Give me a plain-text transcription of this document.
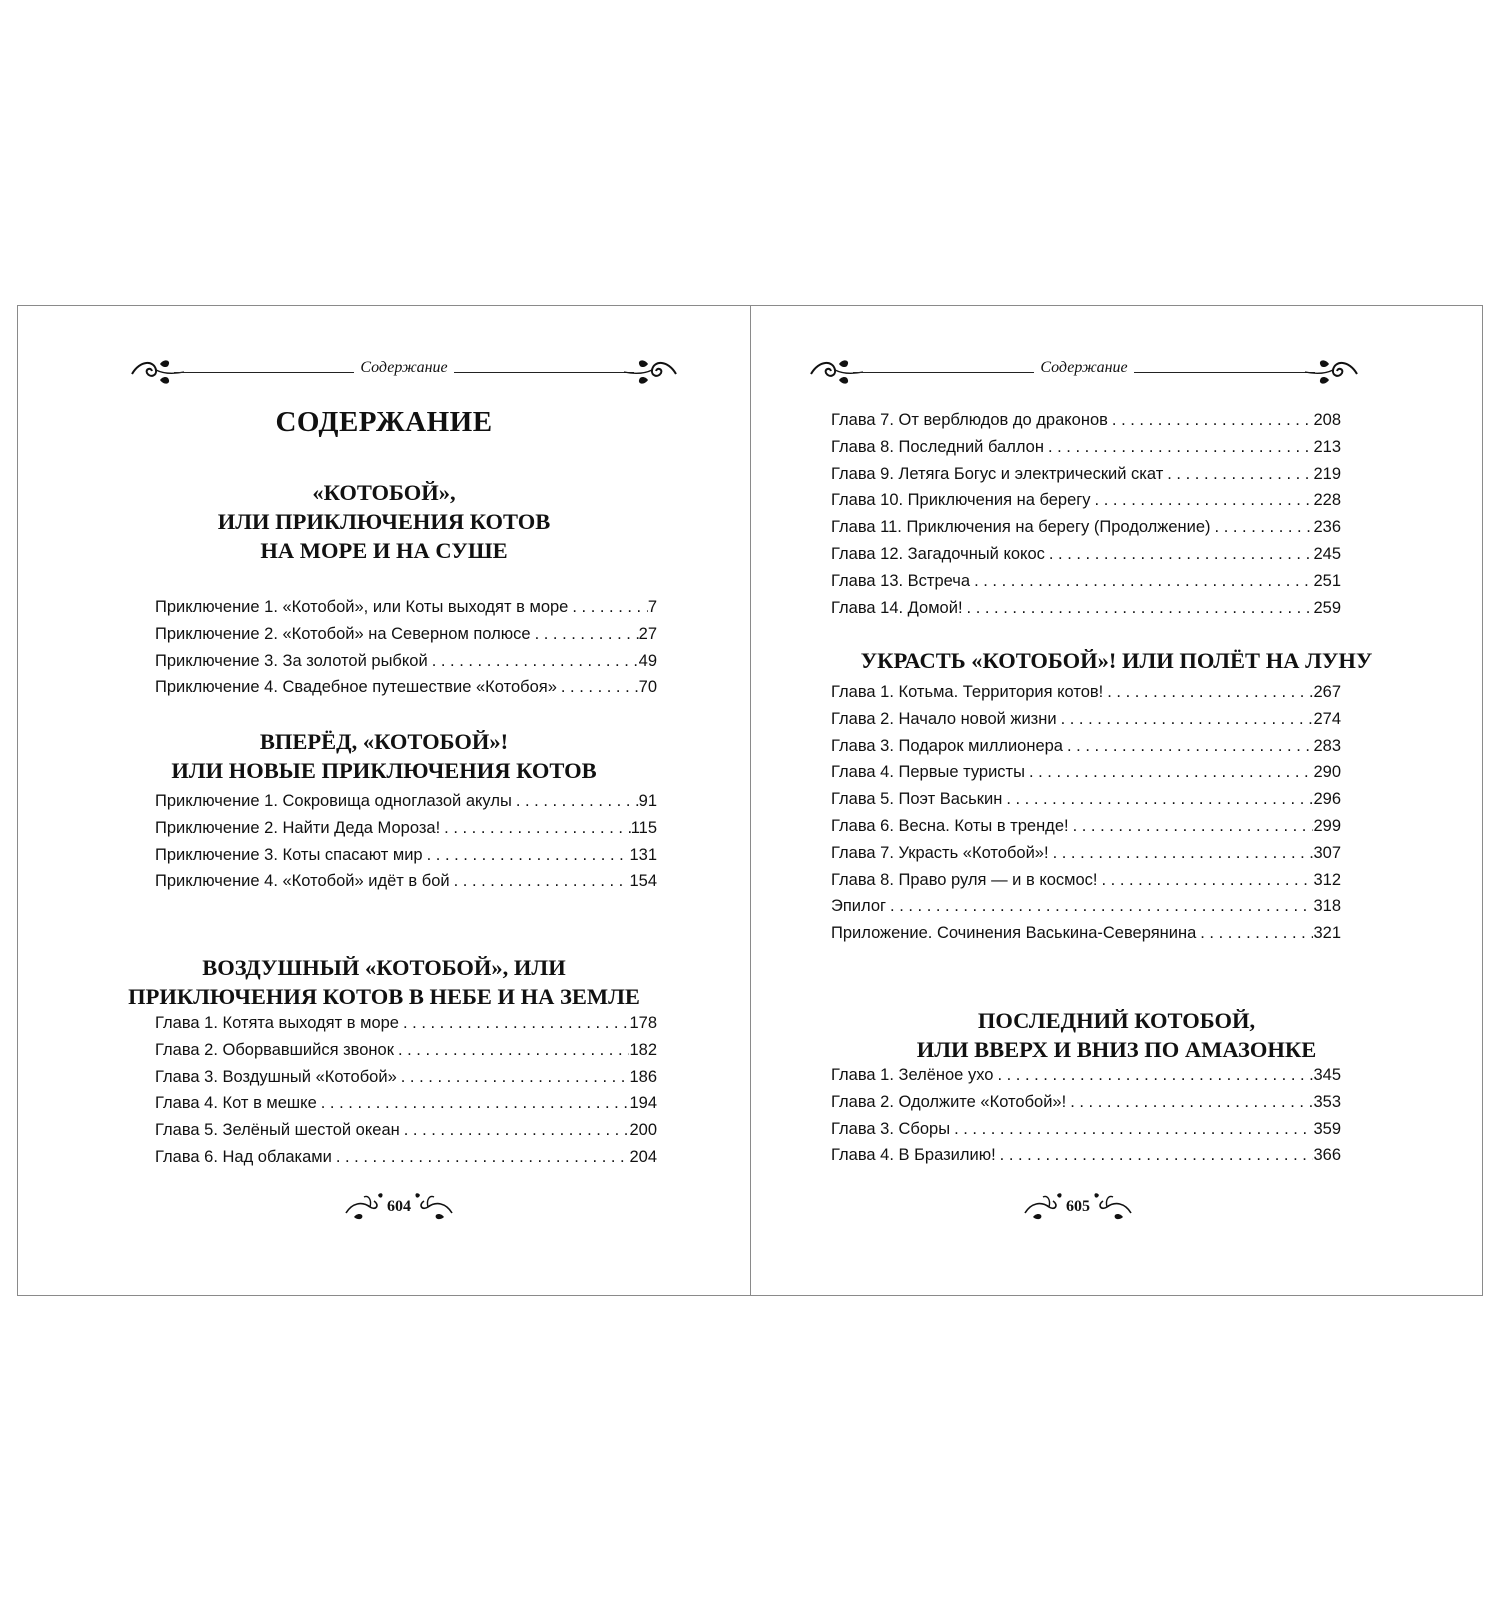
Содержание
СОДЕРЖАНИЕ
«КОТОБОЙ»,
ИЛИ ПРИКЛЮЧЕНИЯ КОТОВ
НА МОРЕ И НА СУШЕ
Приключение 1. «Котобой», или Коты выходят в море . . .	7
Приключение 2. «Котобой» на Северном полюсе . . .	27
Приключение 3. За золотой рыбкой . . .	49
Приключение 4. Свадебное путешествие «Котобоя» . . .	70
ВПЕРЁД, «КОТОБОЙ»!
ИЛИ НОВЫЕ ПРИКЛЮЧЕНИЯ КОТОВ
Приключение 1. Сокровища одноглазой акулы . . .	91
Приключение 2. Найти Деда Мороза! . . .	115
Приключение 3. Коты спасают мир . . .	131
Приключение 4. «Котобой» идёт в бой . . .	154
ВОЗДУШНЫЙ «КОТОБОЙ», ИЛИ
ПРИКЛЮЧЕНИЯ КОТОВ В НЕБЕ И НА ЗЕМЛЕ
Глава 1. Котята выходят в море . . .	178
Глава 2. Оборвавшийся звонок . . .	182
Глава 3. Воздушный «Котобой» . . .	186
Глава 4. Кот в мешке . . .	194
Глава 5. Зелёный шестой океан . . .	200
Глава 6. Над облаками . . .	204
604
Содержание
Глава 7. От верблюдов до драконов . . .	208
Глава 8. Последний баллон . . .	213
Глава 9. Летяга Богус и электрический скат . . .	219
Глава 10. Приключения на берегу . . .	228
Глава 11. Приключения на берегу (Продолжение) . . .	236
Глава 12. Загадочный кокос . . .	245
Глава 13. Встреча . . .	251
Глава 14. Домой! . . .	259
УКРАСТЬ «КОТОБОЙ»! ИЛИ ПОЛЁТ НА ЛУНУ
Глава 1. Котьма. Территория котов! . . .	267
Глава 2. Начало новой жизни . . .	274
Глава 3. Подарок миллионера . . .	283
Глава 4. Первые туристы . . .	290
Глава 5. Поэт Васькин . . .	296
Глава 6. Весна. Коты в тренде! . . .	299
Глава 7. Украсть «Котобой»! . . .	307
Глава 8. Право руля — и в космос! . . .	312
Эпилог . . .	318
Приложение. Сочинения Васькина-Северянина . . .	321
ПОСЛЕДНИЙ КОТОБОЙ,
ИЛИ ВВЕРХ И ВНИЗ ПО АМАЗОНКЕ
Глава 1. Зелёное ухо . . .	345
Глава 2. Одолжите «Котобой»! . . .	353
Глава 3. Сборы . . .	359
Глава 4. В Бразилию! . . .	366
605
